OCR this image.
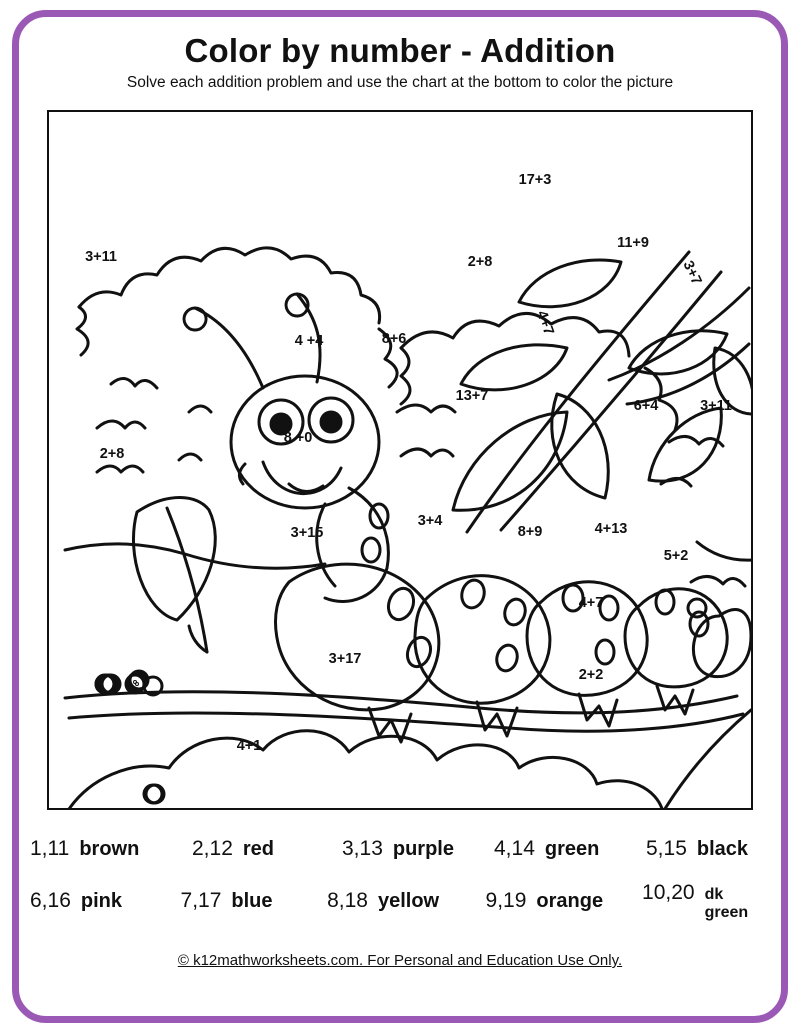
Color by number - Addition
Solve each addition problem and use the chart at the bottom to color the picture
3+11
17+3
2+8
11+9
3+7
4+7
4 +4	8+6
13+7
6+4	3+11
2+8
8 +0
3+15
3+4
8+9	4+13
5+2
4+7
3+17
2+2
4+1
1,11 brown	2,12 red	3,13 purple 4,14 green 5,15 black
6,16 pink	7,17 blue	8,18 yellow 9,19 orange 10,20 dk green
© k12mathworksheets.com. For Personal and Education Use Only.
